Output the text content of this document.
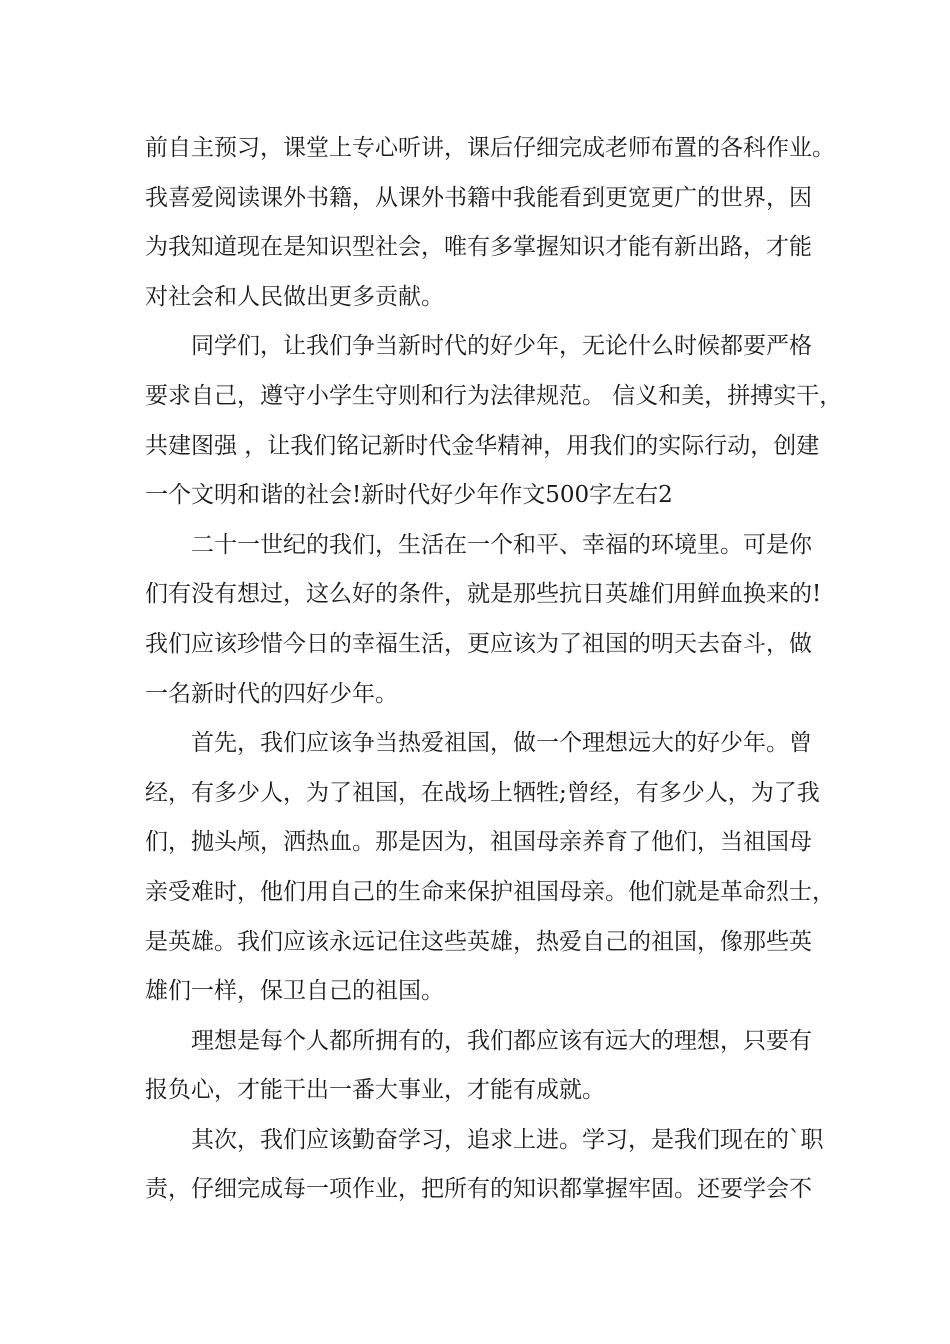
前自主预习，课堂上专心听讲，课后仔细完成老师布置的各科作业。
我喜爱阅读课外书籍，从课外书籍中我能看到更宽更广的世界，因
为我知道现在是知识型社会，唯有多掌握知识才能有新出路，才能
对社会和人民做出更多贡献。
同学们，让我们争当新时代的好少年，无论什么时候都要严格
要求自己，遵守小学生守则和行为法律规范。 信义和美，拼搏实干，
共建图强 ，让我们铭记新时代金华精神，用我们的实际行动，创建
一个文明和谐的社会!新时代好少年作文500字左右2
二十一世纪的我们，生活在一个和平、幸福的环境里。可是你
们有没有想过，这么好的条件，就是那些抗日英雄们用鲜血换来的!
我们应该珍惜今日的幸福生活，更应该为了祖国的明天去奋斗，做
一名新时代的四好少年。
首先，我们应该争当热爱祖国，做一个理想远大的好少年。曾
经，有多少人，为了祖国，在战场上牺牲;曾经，有多少人，为了我
们，抛头颅，洒热血。那是因为，祖国母亲养育了他们，当祖国母
亲受难时，他们用自己的生命来保护祖国母亲。他们就是革命烈士，
是英雄。我们应该永远记住这些英雄，热爱自己的祖国，像那些英
雄们一样，保卫自己的祖国。
理想是每个人都所拥有的，我们都应该有远大的理想，只要有
报负心，才能干出一番大事业，才能有成就。
其次，我们应该勤奋学习，追求上进。学习，是我们现在的`职
责，仔细完成每一项作业，把所有的知识都掌握牢固。还要学会不
